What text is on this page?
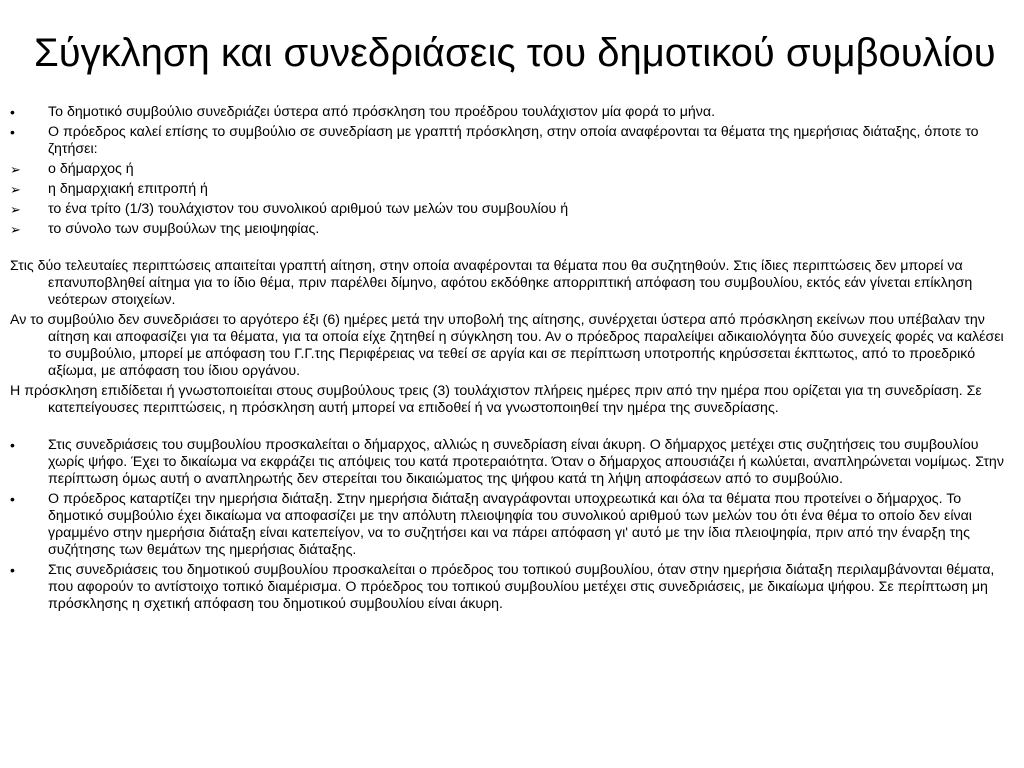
Σύγκληση και συνεδριάσεις του δημοτικού συμβουλίου
•	Το δημοτικό συμβούλιο συνεδριάζει ύστερα από πρόσκληση του προέδρου τουλάχιστον μία φορά το μήνα.
•	Ο πρόεδρος καλεί επίσης το συμβούλιο σε συνεδρίαση με γραπτή πρόσκληση, στην οποία αναφέρονται τα θέματα της ημερήσιας διάταξης, όποτε το ζητήσει:
➢	ο δήμαρχος ή
➢	η δημαρχιακή επιτροπή ή
➢	το ένα τρίτο (1/3) τουλάχιστον του συνολικού αριθμού των μελών του συμβουλίου ή
➢	το σύνολο των συμβούλων της μειοψηφίας.

Στις δύο τελευταίες περιπτώσεις απαιτείται γραπτή αίτηση, στην οποία αναφέρονται τα θέματα που θα συζητηθούν. Στις ίδιες περιπτώσεις δεν μπορεί να επανυποβληθεί αίτημα για το ίδιο θέμα, πριν παρέλθει δίμηνο, αφότου εκδόθηκε απορριπτική απόφαση του συμβουλίου, εκτός εάν γίνεται επίκληση νεότερων στοιχείων.

Αν το συμβούλιο δεν συνεδριάσει το αργότερο έξι (6) ημέρες μετά την υποβολή της αίτησης, συνέρχεται ύστερα από πρόσκληση εκείνων που υπέβαλαν την αίτηση και αποφασίζει για τα θέματα, για τα οποία είχε ζητηθεί η σύγκληση του. Αν ο πρόεδρος παραλείψει αδικαιολόγητα δύο συνεχείς φορές να καλέσει το συμβούλιο, μπορεί με απόφαση του Γ.Γ.της Περιφέρειας να τεθεί σε αργία και σε περίπτωση υποτροπής κηρύσσεται έκπτωτος, από το προεδρικό αξίωμα, με απόφαση του ίδιου οργάνου.

Η πρόσκληση επιδίδεται ή γνωστοποιείται στους συμβούλους τρεις (3) τουλάχιστον πλήρεις ημέρες πριν από την ημέρα που ορίζεται για τη συνεδρίαση. Σε κατεπείγουσες περιπτώσεις, η πρόσκληση αυτή μπορεί να επιδοθεί ή να γνωστοποιηθεί την ημέρα της συνεδρίασης.

•	Στις συνεδριάσεις του συμβουλίου προσκαλείται ο δήμαρχος, αλλιώς η συνεδρίαση είναι άκυρη. Ο δήμαρχος μετέχει στις συζητήσεις του συμβουλίου χωρίς ψήφο. Έχει το δικαίωμα να εκφράζει τις απόψεις του κατά προτεραιότητα. Όταν ο δήμαρχος απουσιάζει ή κωλύεται, αναπληρώνεται νομίμως. Στην περίπτωση όμως αυτή ο αναπληρωτής δεν στερείται του δικαιώματος της ψήφου κατά τη λήψη αποφάσεων από το συμβούλιο.
•	Ο πρόεδρος καταρτίζει την ημερήσια διάταξη. Στην ημερήσια διάταξη αναγράφονται υποχρεωτικά και όλα τα θέματα που προτείνει ο δήμαρχος. Το δημοτικό συμβούλιο έχει δικαίωμα να αποφασίζει με την απόλυτη πλειοψηφία του συνολικού αριθμού των μελών του ότι ένα θέμα το οποίο δεν είναι γραμμένο στην ημερήσια διάταξη είναι κατεπείγον, να το συζητήσει και να πάρει απόφαση γι' αυτό με την ίδια πλειοψηφία, πριν από την έναρξη της συζήτησης των θεμάτων της ημερήσιας διάταξης.
•	Στις συνεδριάσεις του δημοτικού συμβουλίου προσκαλείται ο πρόεδρος του τοπικού συμβουλίου, όταν στην ημερήσια διάταξη περιλαμβάνονται θέματα, που αφορούν το αντίστοιχο τοπικό διαμέρισμα. Ο πρόεδρος του τοπικού συμβουλίου μετέχει στις συνεδριάσεις, με δικαίωμα ψήφου. Σε περίπτωση μη πρόσκλησης η σχετική απόφαση του δημοτικού συμβουλίου είναι άκυρη.
